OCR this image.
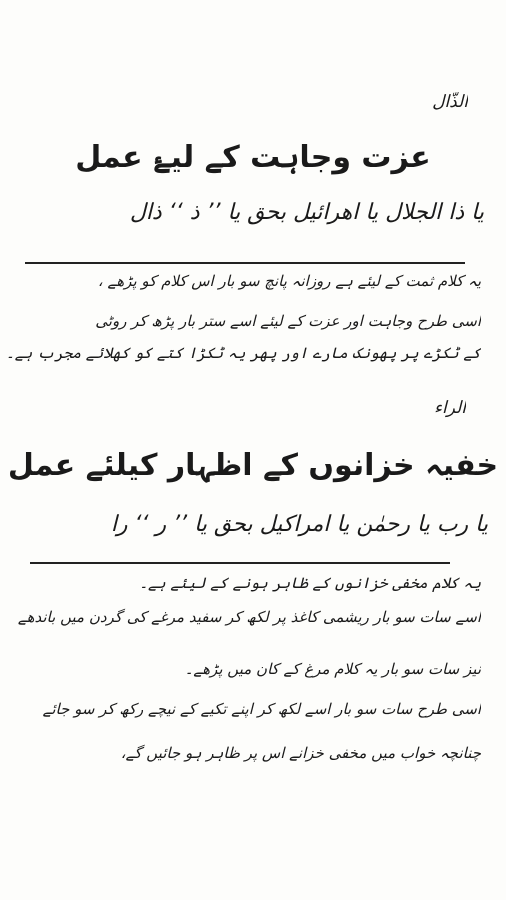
الذّال
عزت وجاہت کے لیۓ عمل
یا ذا الجلال یا اھرائیل بحق یا ’’ ذ ‘‘ ذال
یہ کلام ثمت کے لیئے ہے روزانہ پانچ سو بار اس کلام کو پڑھے ،
اسی طرح وجاہت اور عزت کے لیئے اسے ستر بار پڑھ کر روٹی
کے ٹکڑے پر پھونک مارے اور پھر یہ ٹکڑا کتے کو کھلائے مجرب ہے۔
الراء
خفیہ خزانوں کے اظہار کیلئے عمل
یا رب یا رحمٰن یا امراکیل بحق یا ’’ ر ‘‘ را
یہ کلام مخفی خزانوں کے ظاہر ہونے کے لیئے ہے۔
اسے سات سو بار ریشمی کاغذ پر لکھ کر سفید مرغے کی گردن میں باندھے
نیز سات سو بار یہ کلام مرغ کے کان میں پڑھے۔
اسی طرح سات سو بار اسے لکھ کر اپنے تکیے کے نیچے رکھ کر سو جائے
چنانچہ خواب میں مخفی خزانے اس پر ظاہر ہو جائیں گے،
